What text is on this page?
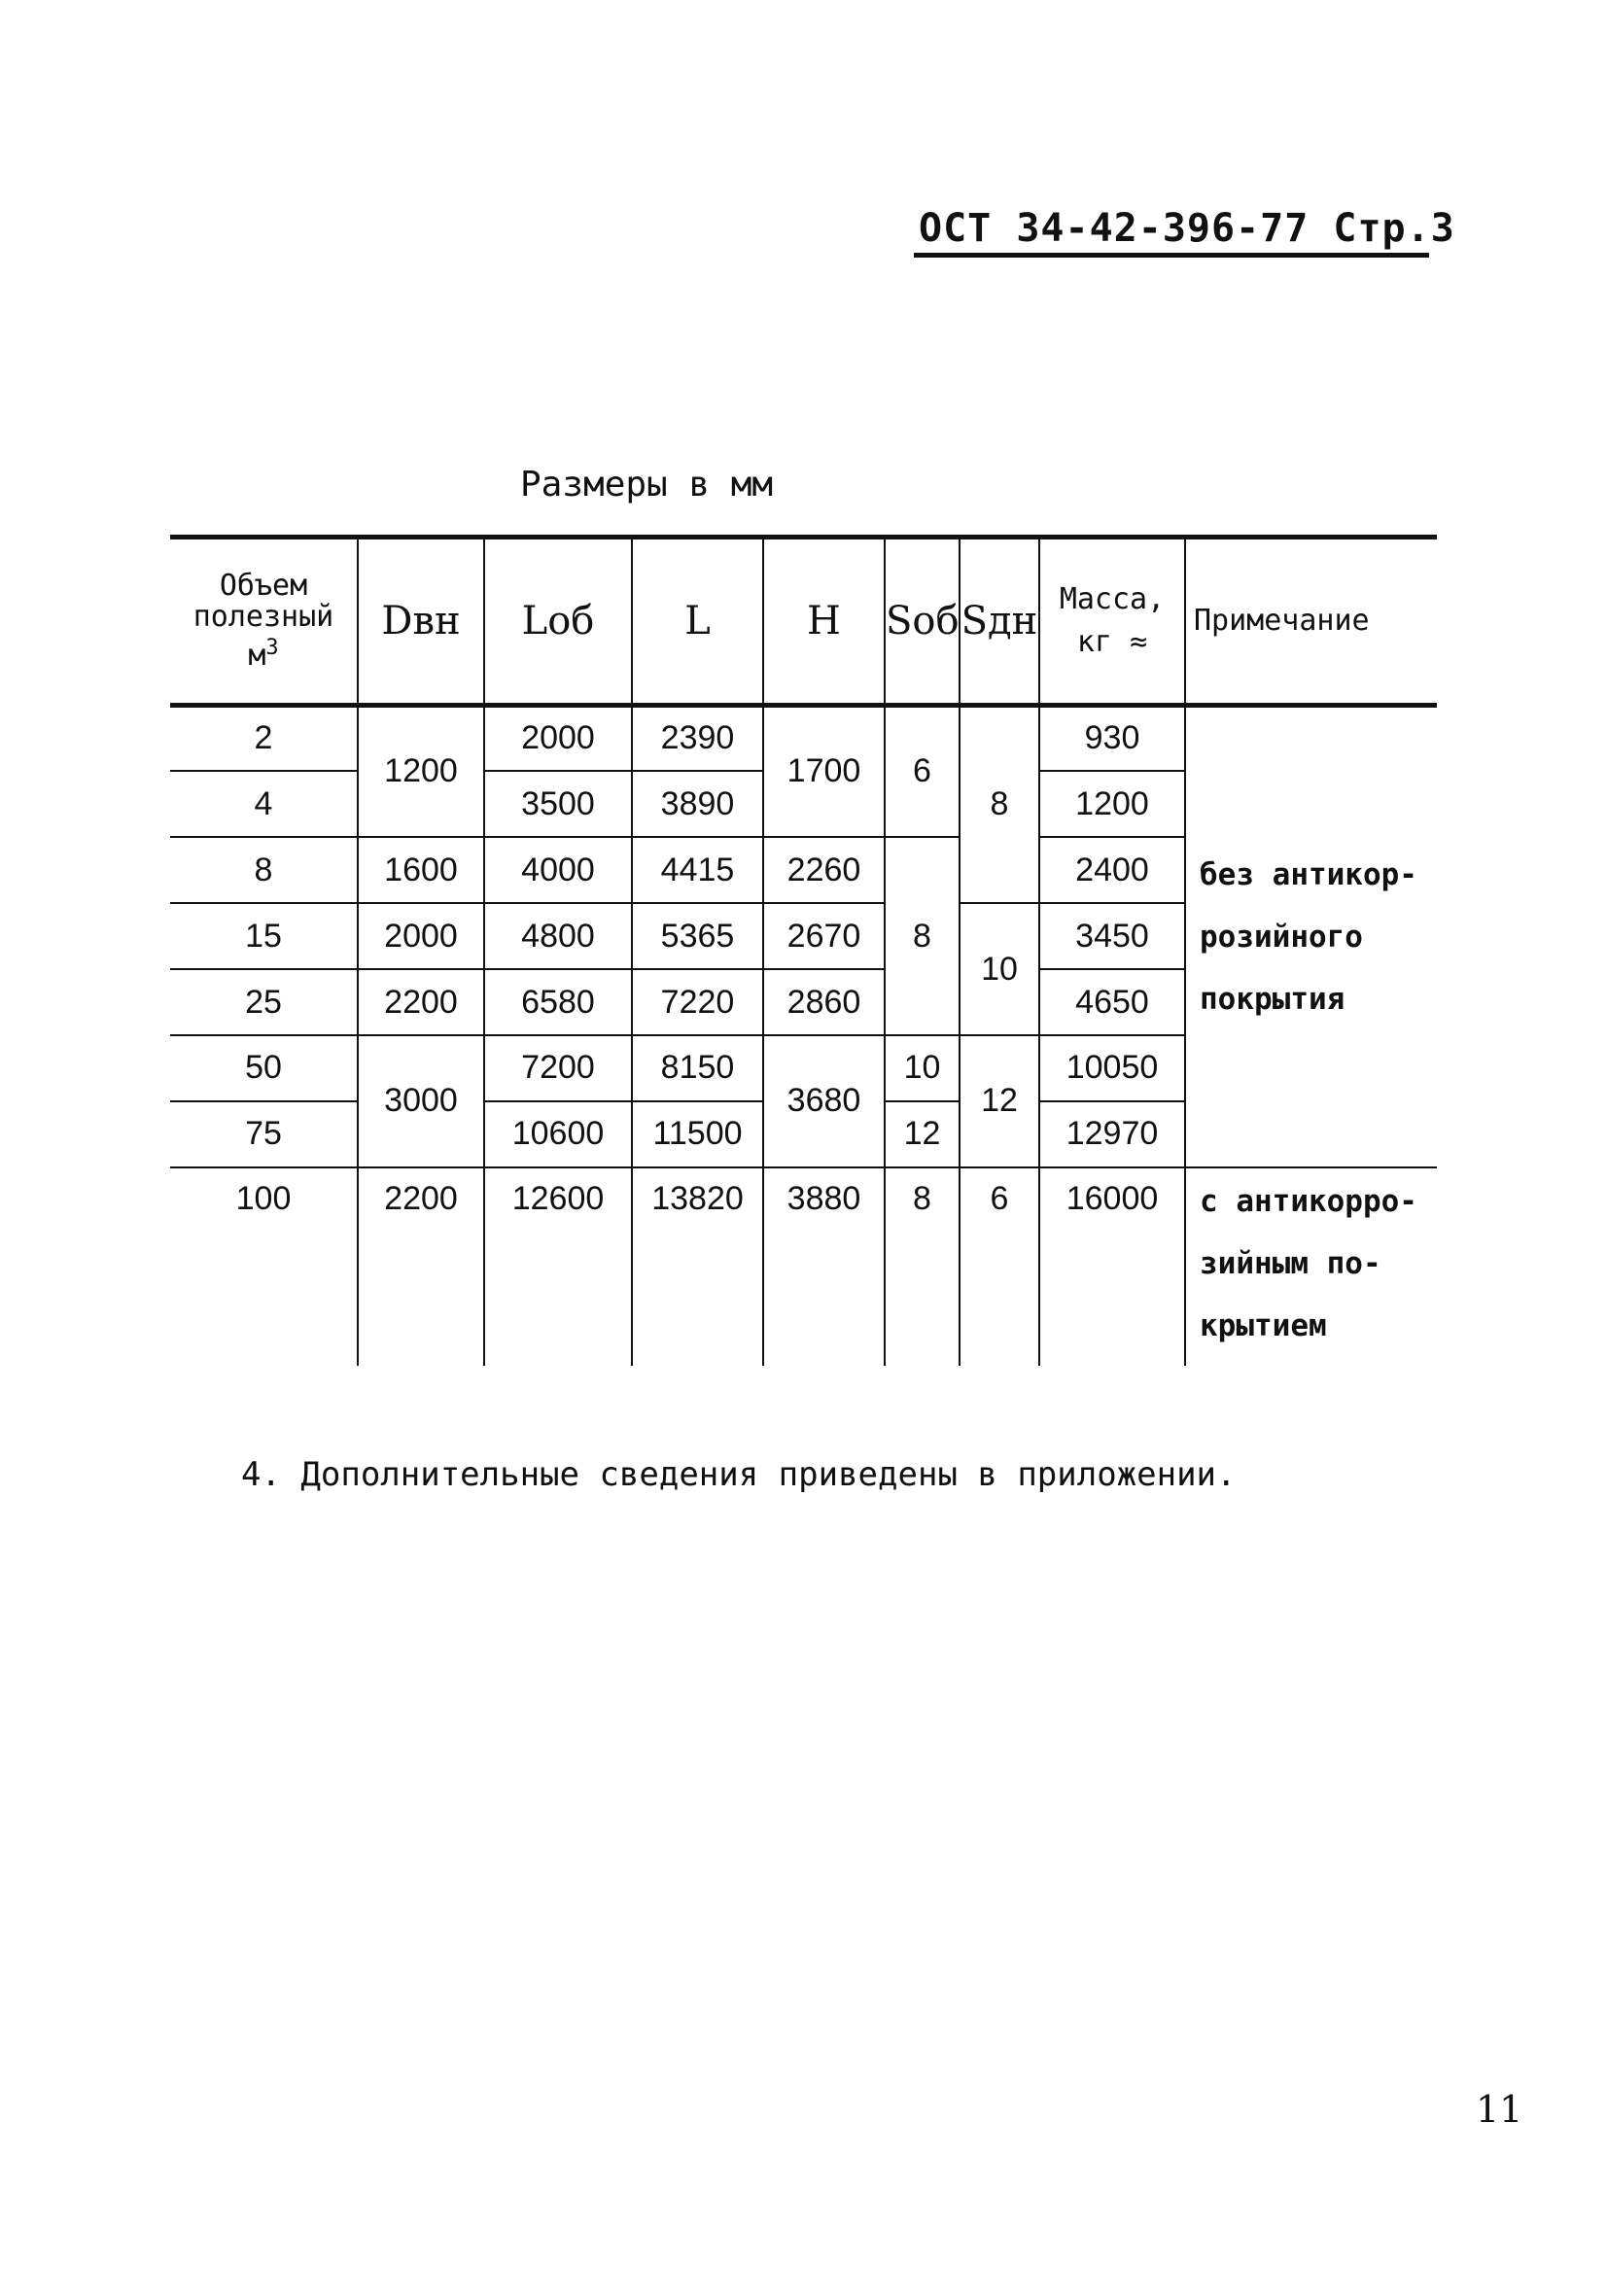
ОСТ 34-42-396-77 Стр.3
Размеры в мм
Объем полезный $м^3$	Dвн	Lоб	L	H	Sоб	Sдн	Масса, кг ≈	Примечание
2	1200	2000	2390	1700	6	8	930	без антикор-розийного покрытия
4		3500	3890				1200	
8	1600	4000	4415	2260	8		2400	
15	2000	4800	5365	2670		10	3450	
25	2200	6580	7220	2860			4650	
50	3000	7200	8150	3680	10	12	10050	
75		10600	11500		12		12970	
100	2200	12600	13820	3880	8	6	16000	с антикорро-зийным по-крытием
4. Дополнительные сведения приведены в приложении.
11
